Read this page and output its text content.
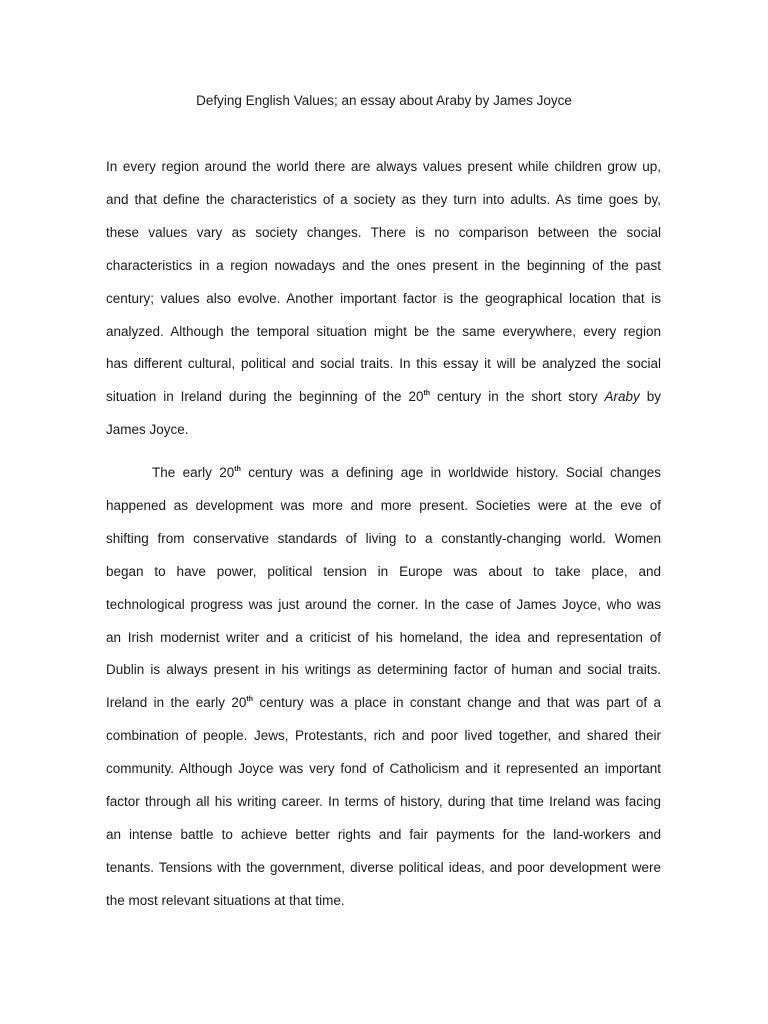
Defying English Values; an essay about Araby by James Joyce
In every region around the world there are always values present while children grow up,
and that define the characteristics of a society as they turn into adults. As time goes by,
these values vary as society changes. There is no comparison between the social
characteristics in a region nowadays and the ones present in the beginning of the past
century; values also evolve. Another important factor is the geographical location that is
analyzed. Although the temporal situation might be the same everywhere, every region
has different cultural, political and social traits. In this essay it will be analyzed the social
situation in Ireland during the beginning of the 20th century in the short story Araby by
James Joyce.
The early 20th century was a defining age in worldwide history. Social changes
happened as development was more and more present. Societies were at the eve of
shifting from conservative standards of living to a constantly-changing world. Women
began to have power, political tension in Europe was about to take place, and
technological progress was just around the corner. In the case of James Joyce, who was
an Irish modernist writer and a criticist of his homeland, the idea and representation of
Dublin is always present in his writings as determining factor of human and social traits.
Ireland in the early 20th century was a place in constant change and that was part of a
combination of people. Jews, Protestants, rich and poor lived together, and shared their
community. Although Joyce was very fond of Catholicism and it represented an important
factor through all his writing career. In terms of history, during that time Ireland was facing
an intense battle to achieve better rights and fair payments for the land-workers and
tenants. Tensions with the government, diverse political ideas, and poor development were
the most relevant situations at that time.
